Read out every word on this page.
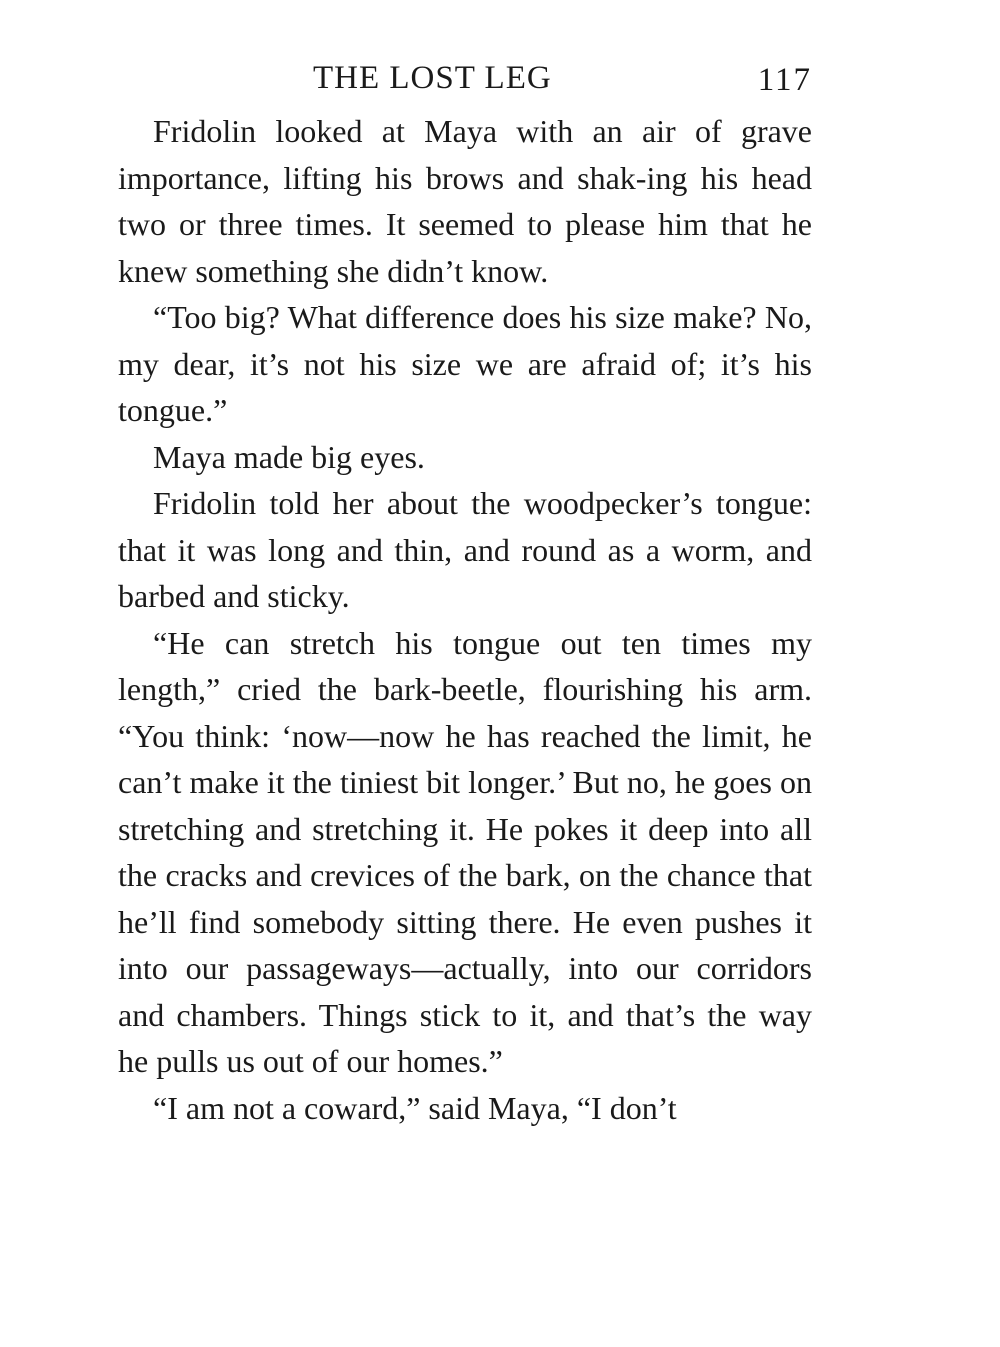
THE LOST LEG	117

Fridolin looked at Maya with an air of grave importance, lifting his brows and shak-ing his head two or three times. It seemed to please him that he knew something she didn’t know.

“Too big? What difference does his size make? No, my dear, it’s not his size we are afraid of; it’s his tongue.”

Maya made big eyes.

Fridolin told her about the woodpecker’s tongue: that it was long and thin, and round as a worm, and barbed and sticky.

“He can stretch his tongue out ten times my length,” cried the bark-beetle, flourishing his arm. “You think: ‘now—now he has reached the limit, he can’t make it the tiniest bit longer.’ But no, he goes on stretching and stretching it. He pokes it deep into all the cracks and crevices of the bark, on the chance that he’ll find somebody sitting there. He even pushes it into our passageways—actually, into our corridors and chambers. Things stick to it, and that’s the way he pulls us out of our homes.”

“I am not a coward,” said Maya, “I don’t
